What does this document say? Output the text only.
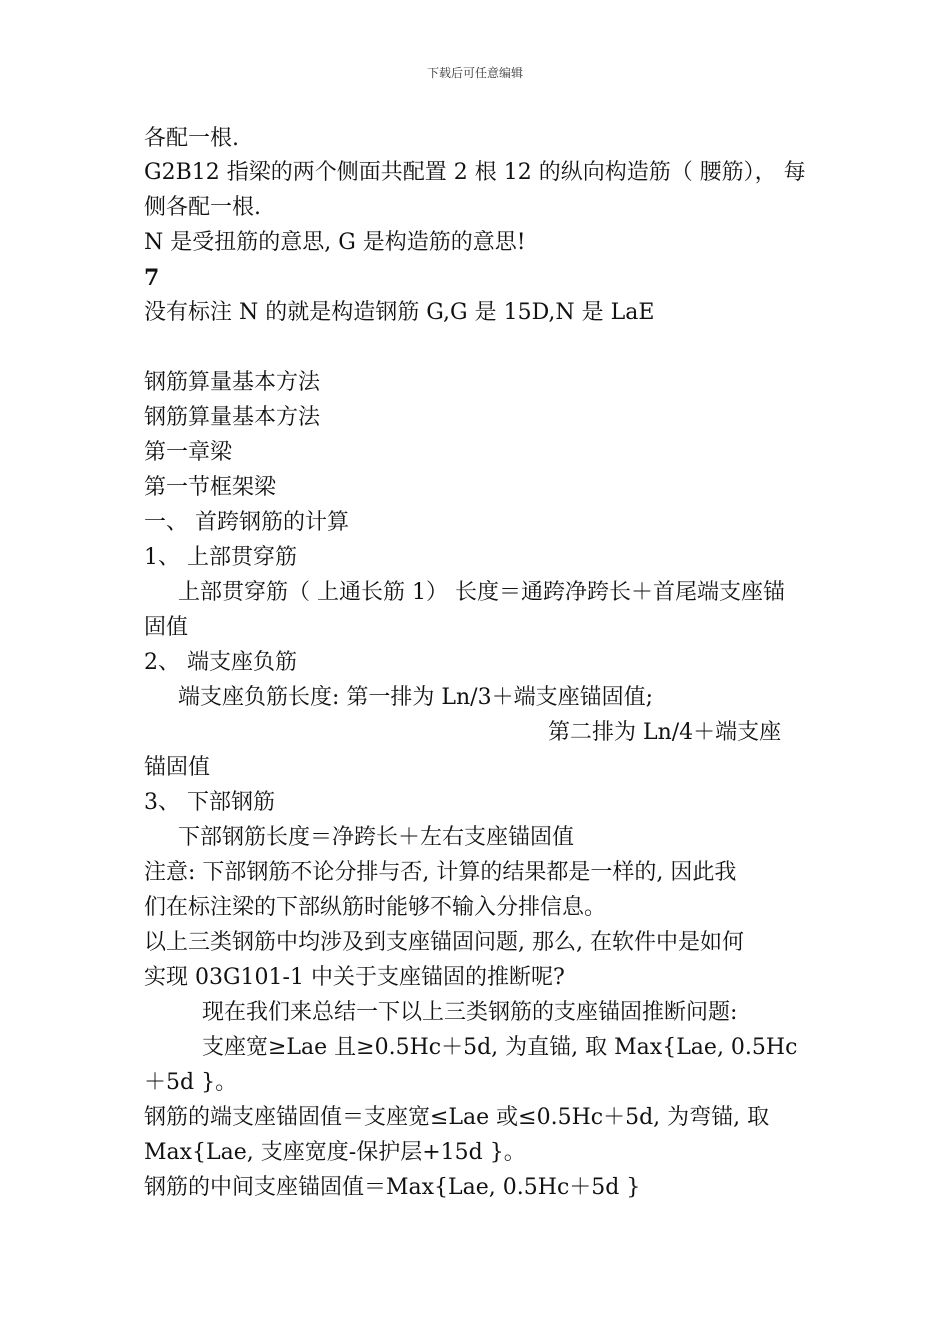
下载后可任意编辑
各配一根.
G2B12 指梁的两个侧面共配置 2 根 12 的纵向构造筋（ 腰筋）， 每
侧各配一根.
N 是受扭筋的意思, G 是构造筋的意思!
7
没有标注 N 的就是构造钢筋 G,G 是 15D,N 是 LaE
钢筋算量基本方法
钢筋算量基本方法
第一章梁
第一节框架梁
一、 首跨钢筋的计算
1、 上部贯穿筋
上部贯穿筋（ 上通长筋 1） 长度＝通跨净跨长＋首尾端支座锚
固值
2、 端支座负筋
端支座负筋长度: 第一排为 Ln/3＋端支座锚固值;
第二排为 Ln/4＋端支座
锚固值
3、 下部钢筋
下部钢筋长度＝净跨长＋左右支座锚固值
注意: 下部钢筋不论分排与否, 计算的结果都是一样的, 因此我
们在标注梁的下部纵筋时能够不输入分排信息。
以上三类钢筋中均涉及到支座锚固问题, 那么, 在软件中是如何
实现 03G101-1 中关于支座锚固的推断呢?
现在我们来总结一下以上三类钢筋的支座锚固推断问题:
支座宽≥Lae 且≥0.5Hc＋5d, 为直锚, 取 Max{Lae, 0.5Hc
＋5d }。
钢筋的端支座锚固值＝支座宽≤Lae 或≤0.5Hc＋5d, 为弯锚, 取
Max{Lae, 支座宽度-保护层+15d }。
钢筋的中间支座锚固值＝Max{Lae, 0.5Hc＋5d }
